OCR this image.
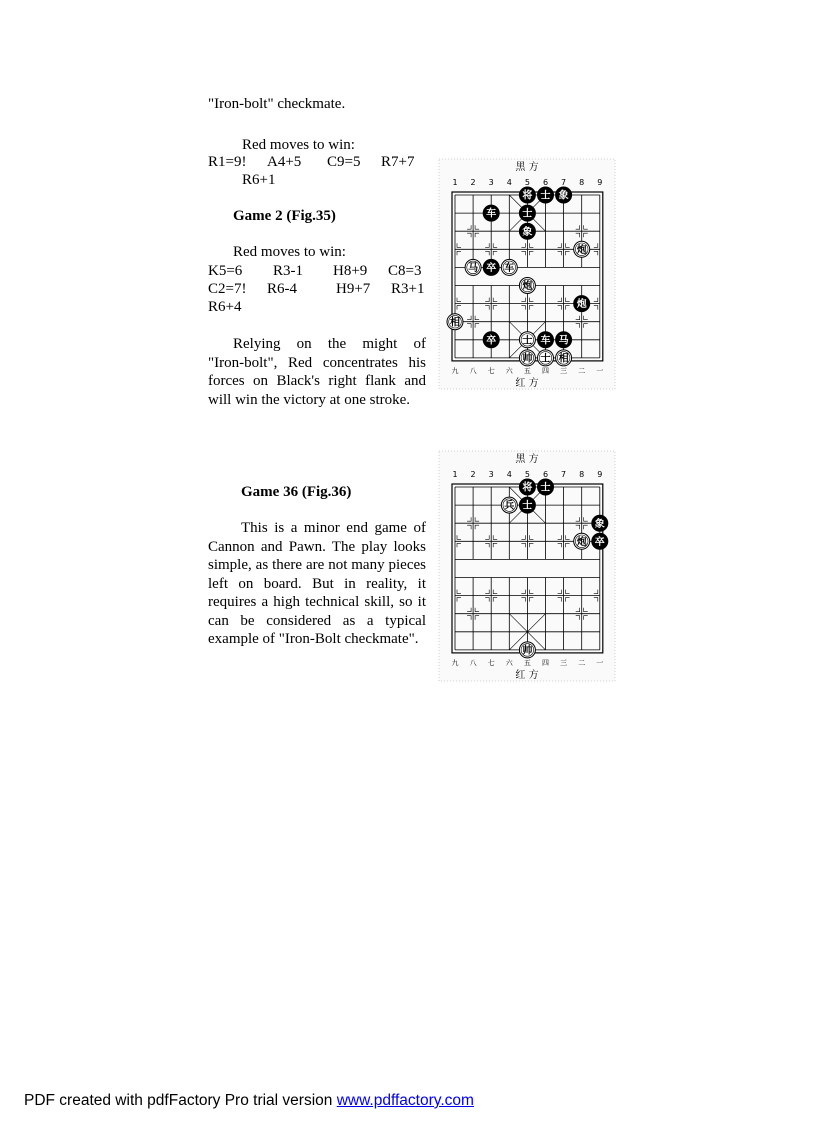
"Iron-bolt" checkmate.
Red moves to win:
R1=9! A4+5 C9=5 R7+7
R6+1
Game 2 (Fig.35)
Red moves to win:
K5=6 R3-1 H8+9 C8=3
C2=7! R6-4	H9+7 R3+1
R6+4
Relying on the might of
"Iron-bolt", Red concentrates his forces on Black's right flank and will win the victory at one stroke.
Game 36 (Fig.36)
This is a minor end game of
Cannon and Pawn. The play looks simple, as there are not many pieces left on board. But in reality, it requires a high technical skill, so it can be considered as a typical example of "Iron-Bolt checkmate".
黑 方
红 方
1 2 3 4 5 6 7 8 9
九 八 七 六 五 四 三 二 一
将 士 象
车	士
象
炮
马 卒 车
炮
炮
相
卒	士 车 马
帅 士 相
黑 方
红 方
1 2 3 4 5 6 7 8 9
九 八 七 六 五 四 三 二 一
将 士
兵 士
象
炮 卒
帅
PDF created with pdfFactory Pro trial version www.pdffactory.com
